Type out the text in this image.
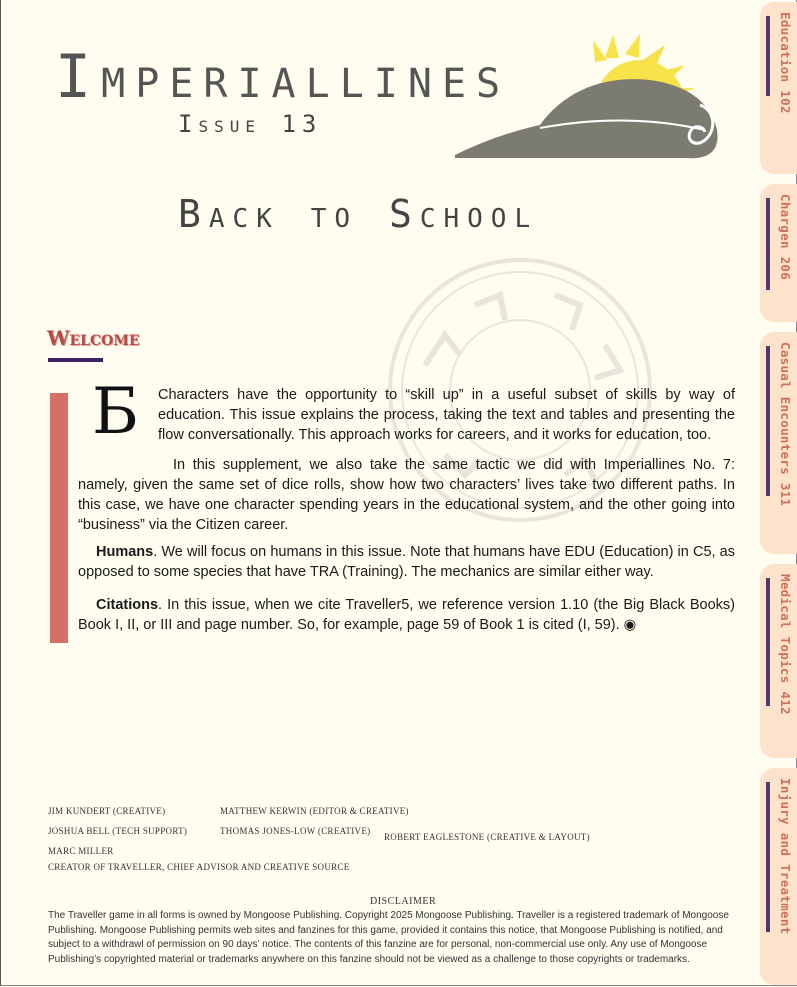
IMPERIALLINES
ISSUE 13
BACK TO SCHOOL
WELCOME
Б Characters have the opportunity to “skill up” in a useful subset of skills by way of education. This issue explains the process, taking the text and tables and presenting the flow conversationally. This approach works for careers, and it works for education, too.
In this supplement, we also take the same tactic we did with Imperiallines No. 7: namely, given the same set of dice rolls, show how two characters’ lives take two different paths. In this case, we have one character spending years in the educational system, and the other going into “business” via the Citizen career.
Humans. We will focus on humans in this issue. Note that humans have EDU (Education) in C5, as opposed to some species that have TRA (Training). The mechanics are similar either way.
Citations. In this issue, when we cite Traveller5, we reference version 1.10 (the Big Black Books) Book I, II, or III and page number. So, for example, page 59 of Book 1 is cited (I, 59). ◉
JIM KUNDERT (CREATIVE)	MATTHEW KERWIN (EDITOR & CREATIVE)
JOSHUA BELL (TECH SUPPORT)	THOMAS JONES-LOW (CREATIVE)
ROBERT EAGLESTONE (CREATIVE & LAYOUT)
MARC MILLER
CREATOR OF TRAVELLER, CHIEF ADVISOR AND CREATIVE SOURCE
DISCLAIMER
The Traveller game in all forms is owned by Mongoose Publishing. Copyright 2025 Mongoose Publishing. Traveller is a registered trademark of Mongoose Publishing. Mongoose Publishing permits web sites and fanzines for this game, provided it contains this notice, that Mongoose Publishing is notified, and subject to a withdrawl of permission on 90 days’ notice. The contents of this fanzine are for personal, non-commercial use only. Any use of Mongoose Publishing’s copyrighted material or trademarks anywhere on this fanzine should not be viewed as a challenge to those copyrights or trademarks.
Education 102
Chargen 206
Casual Encounters 311
Medical Topics 412
Injury and Treatment
